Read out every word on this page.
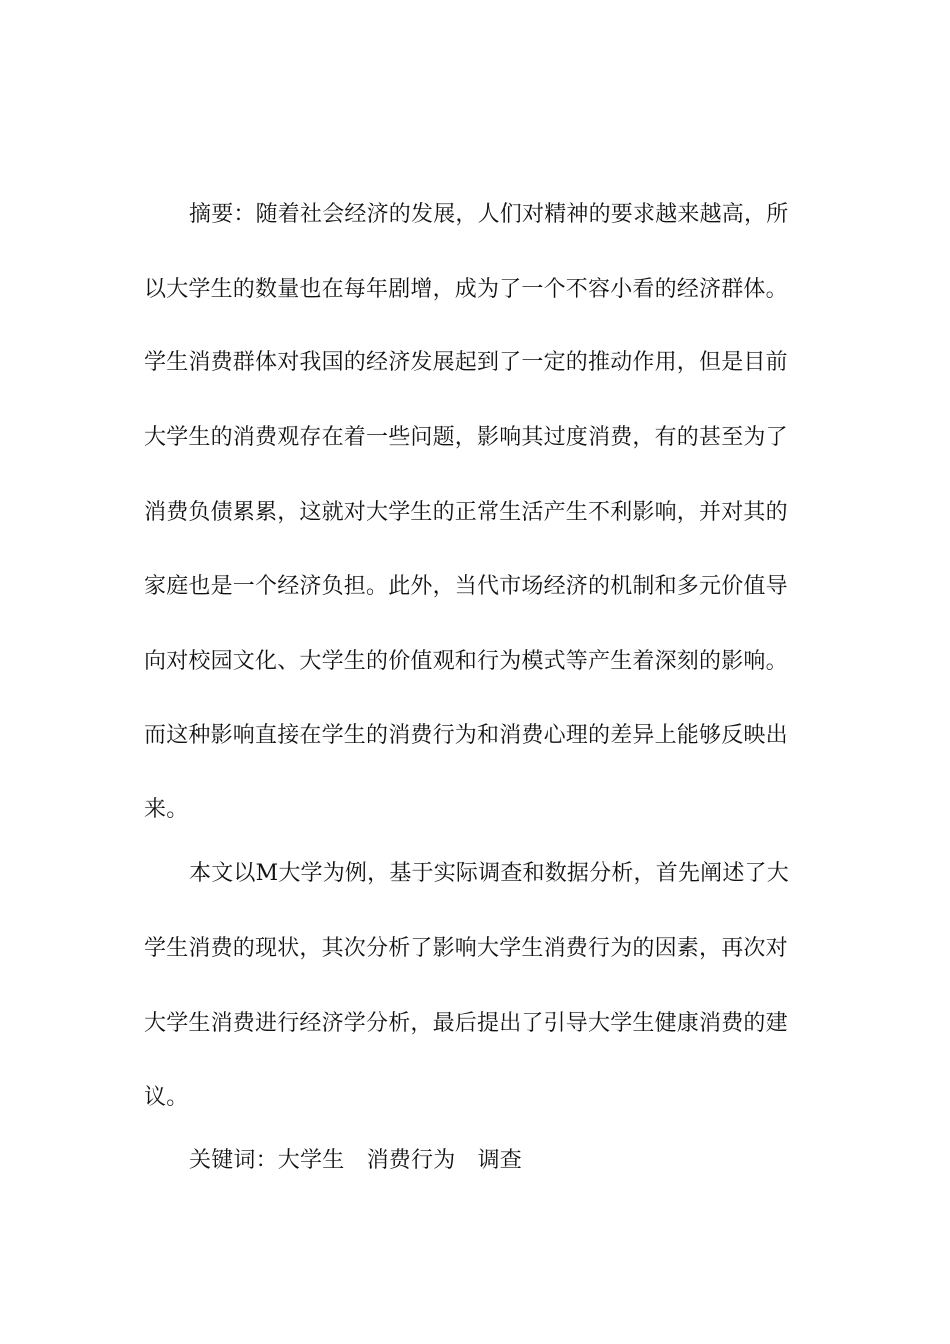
摘要：随着社会经济的发展，人们对精神的要求越来越高，所
以大学生的数量也在每年剧增，成为了一个不容小看的经济群体。
学生消费群体对我国的经济发展起到了一定的推动作用，但是目前
大学生的消费观存在着一些问题，影响其过度消费，有的甚至为了
消费负债累累，这就对大学生的正常生活产生不利影响，并对其的
家庭也是一个经济负担。此外，当代市场经济的机制和多元价值导
向对校园文化、大学生的价值观和行为模式等产生着深刻的影响。
而这种影响直接在学生的消费行为和消费心理的差异上能够反映出
来。
本文以M大学为例，基于实际调查和数据分析，首先阐述了大
学生消费的现状，其次分析了影响大学生消费行为的因素，再次对
大学生消费进行经济学分析，最后提出了引导大学生健康消费的建
议。
关键词：大学生　消费行为　调查
